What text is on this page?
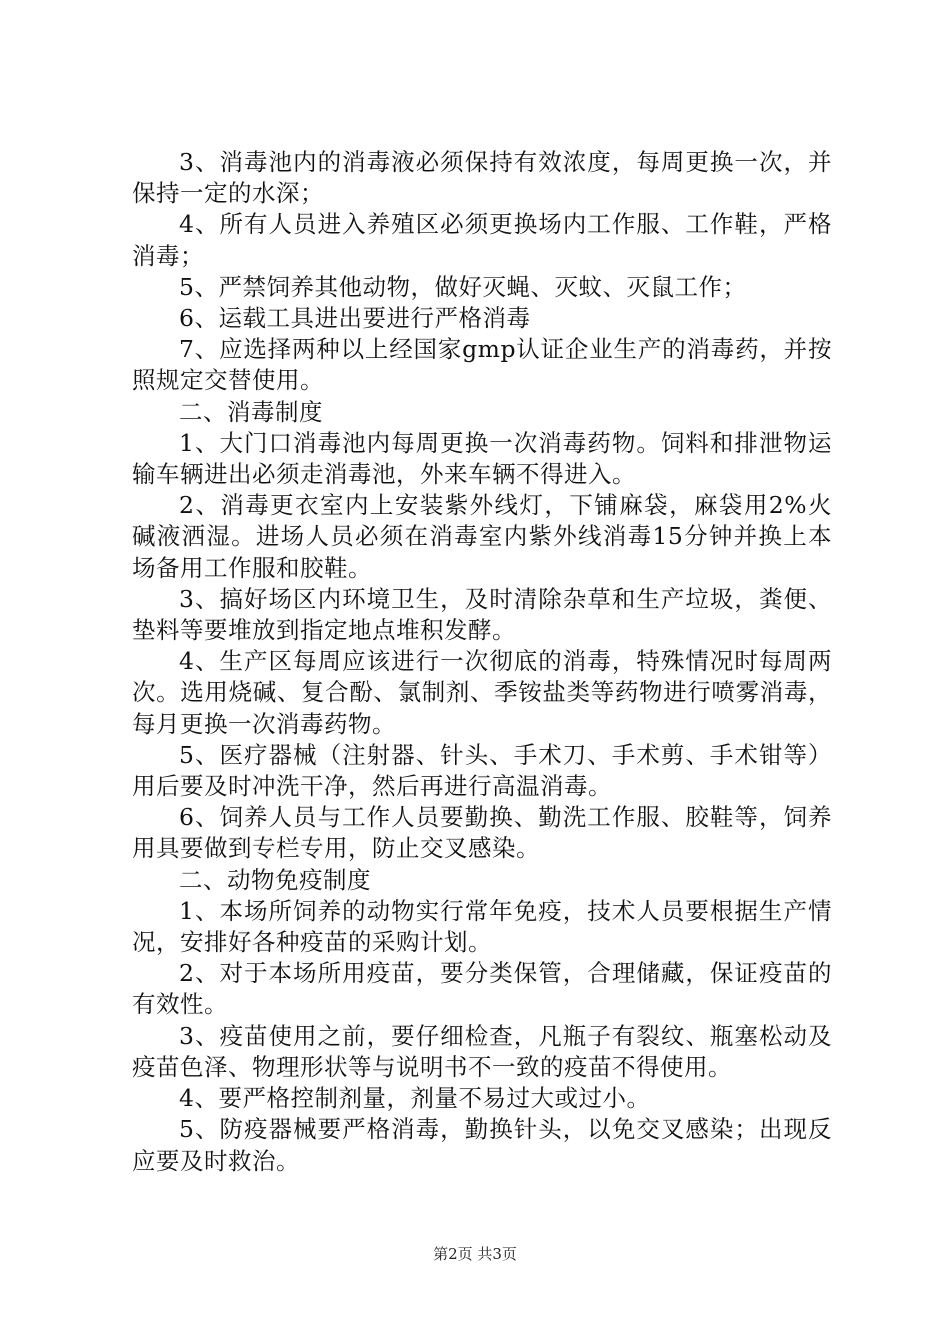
3、消毒池内的消毒液必须保持有效浓度，每周更换一次，并保持一定的水深；

4、所有人员进入养殖区必须更换场内工作服、工作鞋，严格消毒；

5、严禁饲养其他动物，做好灭蝇、灭蚊、灭鼠工作；

6、运载工具进出要进行严格消毒

7、应选择两种以上经国家gmp认证企业生产的消毒药，并按照规定交替使用。

二、消毒制度

1、大门口消毒池内每周更换一次消毒药物。饲料和排泄物运输车辆进出必须走消毒池，外来车辆不得进入。

2、消毒更衣室内上安装紫外线灯，下铺麻袋，麻袋用2%火碱液洒湿。进场人员必须在消毒室内紫外线消毒15分钟并换上本场备用工作服和胶鞋。

3、搞好场区内环境卫生，及时清除杂草和生产垃圾，粪便、垫料等要堆放到指定地点堆积发酵。

4、生产区每周应该进行一次彻底的消毒，特殊情况时每周两次。选用烧碱、复合酚、氯制剂、季铵盐类等药物进行喷雾消毒，每月更换一次消毒药物。

5、医疗器械（注射器、针头、手术刀、手术剪、手术钳等）用后要及时冲洗干净，然后再进行高温消毒。

6、饲养人员与工作人员要勤换、勤洗工作服、胶鞋等，饲养用具要做到专栏专用，防止交叉感染。

二、动物免疫制度

1、本场所饲养的动物实行常年免疫，技术人员要根据生产情况，安排好各种疫苗的采购计划。

2、对于本场所用疫苗，要分类保管，合理储藏，保证疫苗的有效性。

3、疫苗使用之前，要仔细检查，凡瓶子有裂纹、瓶塞松动及疫苗色泽、物理形状等与说明书不一致的疫苗不得使用。

4、要严格控制剂量，剂量不易过大或过小。

5、防疫器械要严格消毒，勤换针头，以免交叉感染；出现反应要及时救治。

第2页 共3页
